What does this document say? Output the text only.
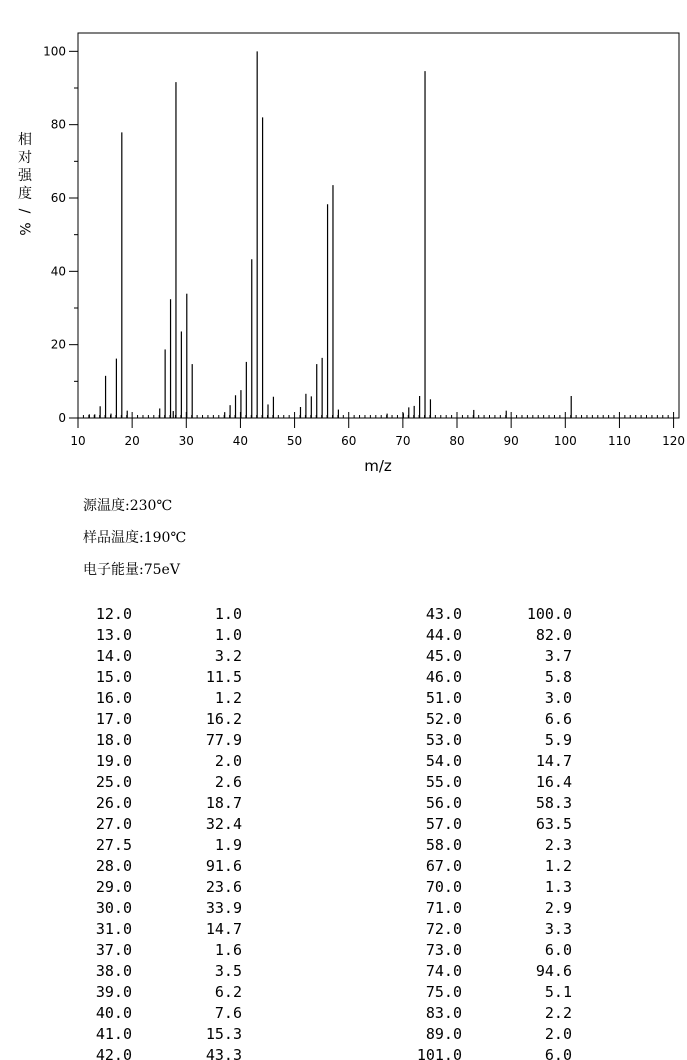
10	20	30	40	50	60	70	80	90	100	110	120
0
20
40
60
80
100
m/z
相
对
强
度
/
%
源温度:230℃
样品温度:190℃
电子能量:75eV
12.0	1.0
13.0	1.0
14.0	3.2
15.0	11.5
16.0	1.2
17.0	16.2
18.0	77.9
19.0	2.0
25.0	2.6
26.0	18.7
27.0	32.4
27.5	1.9
28.0	91.6
29.0	23.6
30.0	33.9
31.0	14.7
37.0	1.6
38.0	3.5
39.0	6.2
40.0	7.6
41.0	15.3
42.0	43.3
43.0	100.0
44.0	82.0
45.0	3.7
46.0	5.8
51.0	3.0
52.0	6.6
53.0	5.9
54.0	14.7
55.0	16.4
56.0	58.3
57.0	63.5
58.0	2.3
67.0	1.2
70.0	1.3
71.0	2.9
72.0	3.3
73.0	6.0
74.0	94.6
75.0	5.1
83.0	2.2
89.0	2.0
101.0	6.0
